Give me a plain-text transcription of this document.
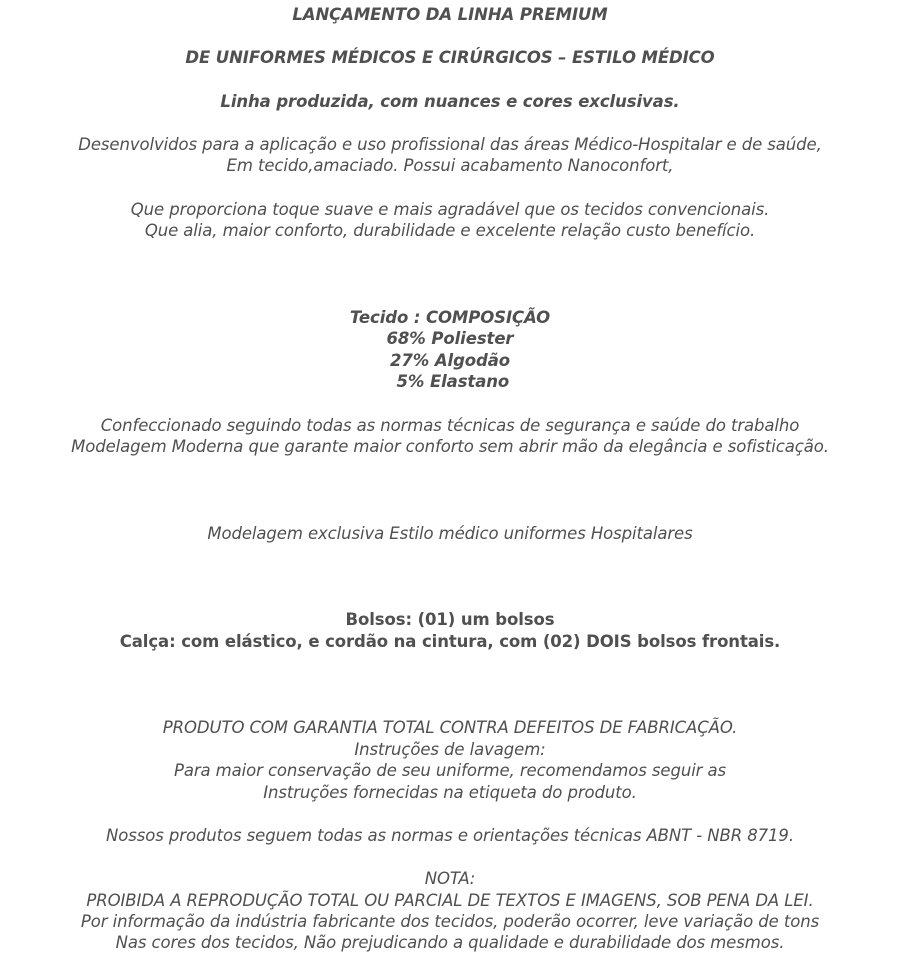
LANÇAMENTO DA LINHA PREMIUM
DE UNIFORMES MÉDICOS E CIRÚRGICOS – ESTILO MÉDICO
Linha produzida, com nuances e cores exclusivas.
Desenvolvidos para a aplicação e uso profissional das áreas Médico-Hospitalar e de saúde,
Em tecido,amaciado. Possui acabamento Nanoconfort,
Que proporciona toque suave e mais agradável que os tecidos convencionais.
Que alia, maior conforto, durabilidade e excelente relação custo benefício.
Tecido : COMPOSIÇÃO
68% Poliester
27% Algodão
5% Elastano
Confeccionado seguindo todas as normas técnicas de segurança e saúde do trabalho
Modelagem Moderna que garante maior conforto sem abrir mão da elegância e sofisticação.
Modelagem exclusiva Estilo médico uniformes Hospitalares
Bolsos: (01) um bolsos
Calça: com elástico, e cordão na cintura, com (02) DOIS bolsos frontais.
PRODUTO COM GARANTIA TOTAL CONTRA DEFEITOS DE FABRICAÇÃO.
Instruções de lavagem:
Para maior conservação de seu uniforme, recomendamos seguir as
Instruções fornecidas na etiqueta do produto.
Nossos produtos seguem todas as normas e orientações técnicas ABNT - NBR 8719.
NOTA:
PROIBIDA A REPRODUÇÃO TOTAL OU PARCIAL DE TEXTOS E IMAGENS, SOB PENA DA LEI.
Por informação da indústria fabricante dos tecidos, poderão ocorrer, leve variação de tons
Nas cores dos tecidos, Não prejudicando a qualidade e durabilidade dos mesmos.
